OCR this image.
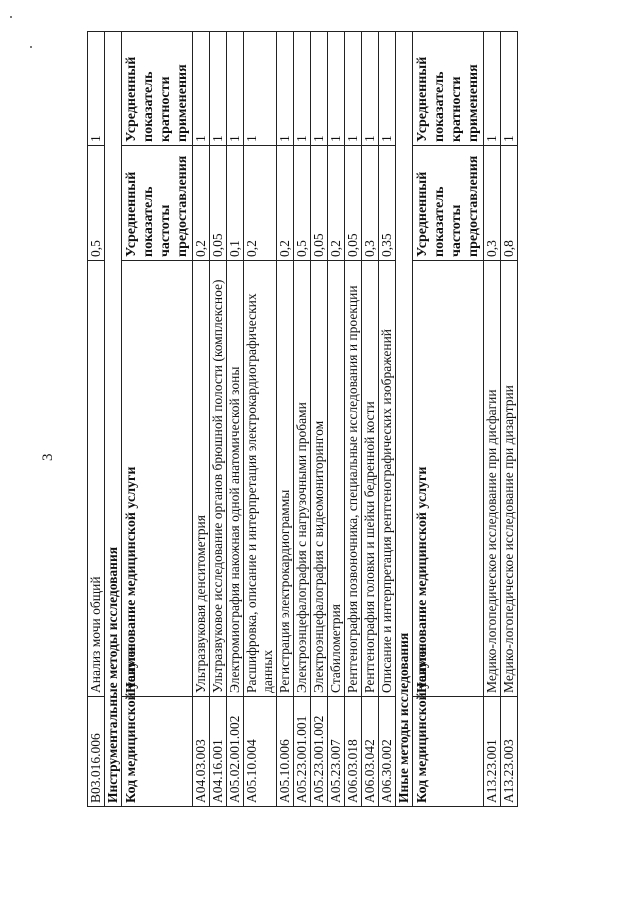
3
B03.016.006	Анализ мочи общий	0,5	1
Инструментальные методы исследования			
Код медицинской услуги	Наименование медицинской услуги	Усредненный показатель частоты предоставления	Усредненный показатель кратности применения
A04.03.003	Ультразвуковая денситометрия	0,2	1
A04.16.001	Ультразвуковое исследование органов брюшной полости (комплексное)	0,05	1
A05.02.001.002	Электромиография накожная одной анатомической зоны	0,1	1
A05.10.004	Расшифровка, описание и интерпретация электрокардиографических данных	0,2	1
A05.10.006	Регистрация электрокардиограммы	0,2	1
A05.23.001.001	Электроэнцефалография с нагрузочными пробами	0,5	1
A05.23.001.002	Электроэнцефалография с видеомониторингом	0,05	1
A05.23.007	Стабилометрия	0,2	1
A06.03.018	Рентгенография позвоночника, специальные исследования и проекции	0,05	1
A06.03.042	Рентгенография головки и шейки бедренной кости	0,3	1
A06.30.002	Описание и интерпретация рентгенографических изображений	0,35	1
Иные методы исследования			
Код медицинской услуги	Наименование медицинской услуги	Усредненный показатель частоты предоставления	Усредненный показатель кратности применения
A13.23.001	Медико-логопедическое исследование при дисфагии	0,3	1
A13.23.003	Медико-логопедическое исследование при дизартрии	0,8	1
